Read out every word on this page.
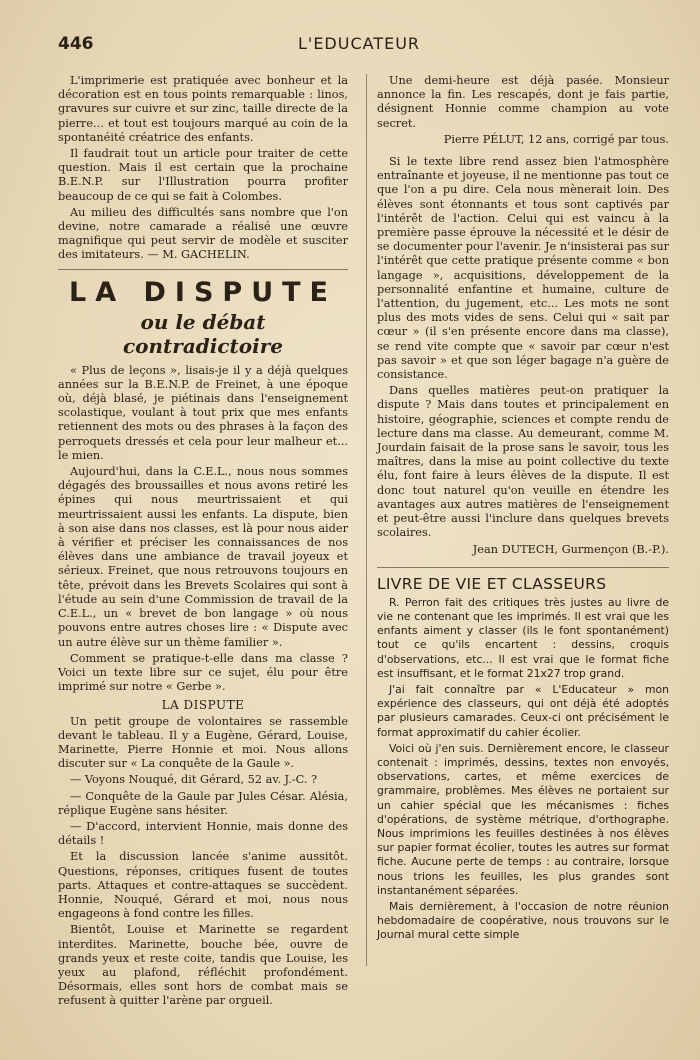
446	L'EDUCATEUR

L'imprimerie est pratiquée avec bonheur et la décoration est en tous points remarquable : linos, gravures sur cuivre et sur zinc, taille directe de la pierre... et tout est toujours marqué au coin de la spontanéité créatrice des enfants.

Il faudrait tout un article pour traiter de cette question. Mais il est certain que la prochaine B.E.N.P. sur l'Illustration pourra profiter beaucoup de ce qui se fait à Colombes.

Au milieu des difficultés sans nombre que l'on devine, notre camarade a réalisé une œuvre magnifique qui peut servir de modèle et susciter des imitateurs. — M. GACHELIN.

LA DISPUTE
ou le débat contradictoire

« Plus de leçons », lisais-je il y a déjà quelques années sur la B.E.N.P. de Freinet, à une époque où, déjà blasé, je piétinais dans l'enseignement scolastique, voulant à tout prix que mes enfants retiennent des mots ou des phrases à la façon des perroquets dressés et cela pour leur malheur et... le mien.

Aujourd'hui, dans la C.E.L., nous nous sommes dégagés des broussailles et nous avons retiré les épines qui nous meurtrissaient et qui meurtrissaient aussi les enfants. La dispute, bien à son aise dans nos classes, est là pour nous aider à vérifier et préciser les connaissances de nos élèves dans une ambiance de travail joyeux et sérieux. Freinet, que nous retrouvons toujours en tête, prévoit dans les Brevets Scolaires qui sont à l'étude au sein d'une Commission de travail de la C.E.L., un « brevet de bon langage » où nous pouvons entre autres choses lire : « Dispute avec un autre élève sur un thème familier ».

Comment se pratique-t-elle dans ma classe ? Voici un texte libre sur ce sujet, élu pour être imprimé sur notre « Gerbe ».

LA DISPUTE

Un petit groupe de volontaires se rassemble devant le tableau. Il y a Eugène, Gérard, Louise, Marinette, Pierre Honnie et moi. Nous allons discuter sur « La conquête de la Gaule ».

— Voyons Nouqué, dit Gérard, 52 av. J.-C. ?

— Conquête de la Gaule par Jules César. Alésia, réplique Eugène sans hésiter.

— D'accord, intervient Honnie, mais donne des détails !

Et la discussion lancée s'anime aussitôt. Questions, réponses, critiques fusent de toutes parts. Attaques et contre-attaques se succèdent. Honnie, Nouqué, Gérard et moi, nous nous engageons à fond contre les filles.

Bientôt, Louise et Marinette se regardent interdites. Marinette, bouche bée, ouvre de grands yeux et reste coite, tandis que Louise, les yeux au plafond, réfléchit profondément. Désormais, elles sont hors de combat mais se refusent à quitter l'arène par orgueil.

Une demi-heure est déjà pasée. Monsieur annonce la fin. Les rescapés, dont je fais partie, désignent Honnie comme champion au vote secret.

Pierre PÉLUT, 12 ans, corrigé par tous.

Si le texte libre rend assez bien l'atmosphère entraînante et joyeuse, il ne mentionne pas tout ce que l'on a pu dire. Cela nous mènerait loin. Des élèves sont étonnants et tous sont captivés par l'intérêt de l'action. Celui qui est vaincu à la première passe éprouve la nécessité et le désir de se documenter pour l'avenir. Je n'insisterai pas sur l'intérêt que cette pratique présente comme « bon langage », acquisitions, développement de la personnalité enfantine et humaine, culture de l'attention, du jugement, etc... Les mots ne sont plus des mots vides de sens. Celui qui « sait par cœur » (il s'en présente encore dans ma classe), se rend vite compte que « savoir par cœur n'est pas savoir » et que son léger bagage n'a guère de consistance.

Dans quelles matières peut-on pratiquer la dispute ? Mais dans toutes et principalement en histoire, géographie, sciences et compte rendu de lecture dans ma classe. Au demeurant, comme M. Jourdain faisait de la prose sans le savoir, tous les maîtres, dans la mise au point collective du texte élu, font faire à leurs élèves de la dispute. Il est donc tout naturel qu'on veuille en étendre les avantages aux autres matières de l'enseignement et peut-être aussi l'inclure dans quelques brevets scolaires.

Jean DUTECH, Gurmençon (B.-P.).

LIVRE DE VIE ET CLASSEURS

R. Perron fait des critiques très justes au livre de vie ne contenant que les imprimés. Il est vrai que les enfants aiment y classer (ils le font spontanément) tout ce qu'ils encartent : dessins, croquis d'observations, etc... Il est vrai que le format fiche est insuffisant, et le format 21x27 trop grand.

J'ai fait connaître par « L'Educateur » mon expérience des classeurs, qui ont déjà été adoptés par plusieurs camarades. Ceux-ci ont précisément le format approximatif du cahier écolier.

Voici où j'en suis. Dernièrement encore, le classeur contenait : imprimés, dessins, textes non envoyés, observations, cartes, et même exercices de grammaire, problèmes. Mes élèves ne portaient sur un cahier spécial que les mécanismes : fiches d'opérations, de système métrique, d'orthographe. Nous imprimions les feuilles destinées à nos élèves sur papier format écolier, toutes les autres sur format fiche. Aucune perte de temps : au contraire, lorsque nous trions les feuilles, les plus grandes sont instantanément séparées.

Mais dernièrement, à l'occasion de notre réunion hebdomadaire de coopérative, nous trouvons sur le Journal mural cette simple
